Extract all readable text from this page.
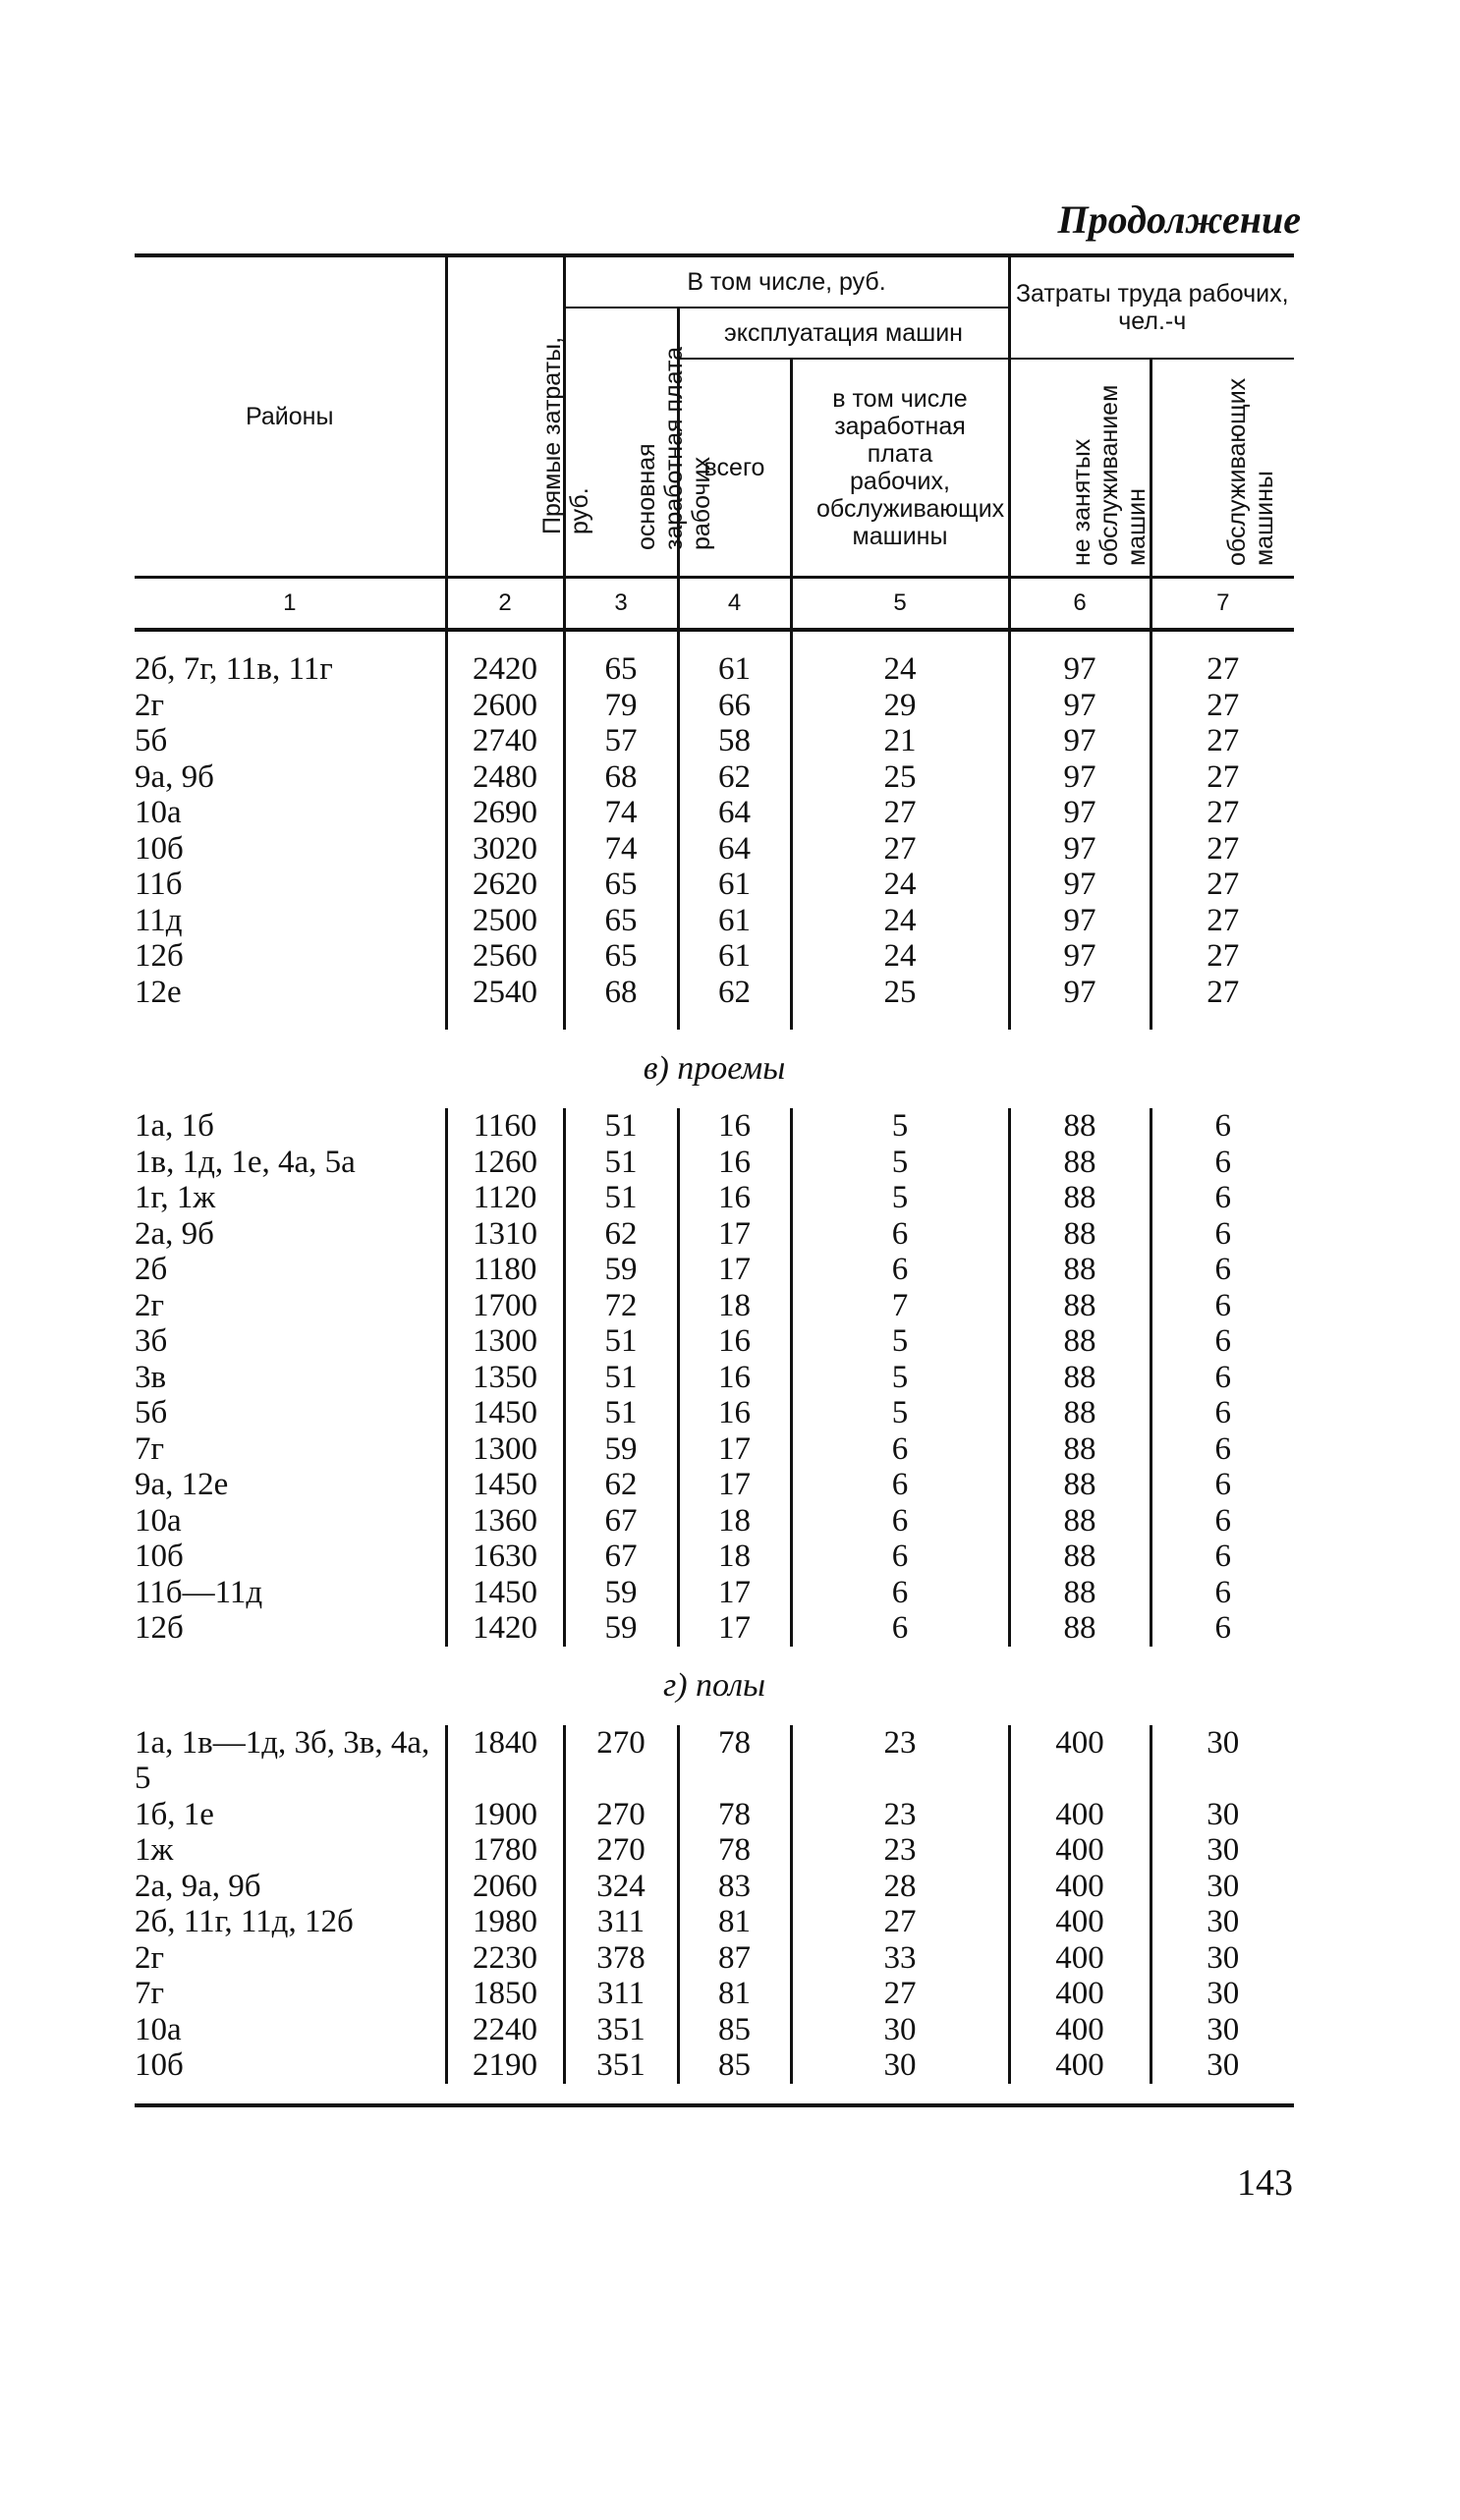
Продолжение
Районы	Прямые затраты, руб.	В том числе, руб.			Затраты труда рабочих, чел.-ч	
		основная заработная плата рабочих	эксплуатация машин			
			всего	в том числе заработная плата рабочих, обслуживающих машины	не занятых обслуживанием машин	обслуживающих машины
1	2	3	4	5	6	7

2б, 7г, 11в, 11г	2420	65	61	24	97	27
2г	2600	79	66	29	97	27
5б	2740	57	58	21	97	27
9а, 9б	2480	68	62	25	97	27
10а	2690	74	64	27	97	27
10б	3020	74	64	27	97	27
11б	2620	65	61	24	97	27
11д	2500	65	61	24	97	27
12б	2560	65	61	24	97	27
12е	2540	68	62	25	97	27

в) проемы						
1а, 1б	1160	51	16	5	88	6
1в, 1д, 1е, 4а, 5а	1260	51	16	5	88	6
1г, 1ж	1120	51	16	5	88	6
2а, 9б	1310	62	17	6	88	6
2б	1180	59	17	6	88	6
2г	1700	72	18	7	88	6
3б	1300	51	16	5	88	6
3в	1350	51	16	5	88	6
5б	1450	51	16	5	88	6
7г	1300	59	17	6	88	6
9а, 12е	1450	62	17	6	88	6
10а	1360	67	18	6	88	6
10б	1630	67	18	6	88	6
11б—11д	1450	59	17	6	88	6
12б	1420	59	17	6	88	6
г) полы						
1а, 1в—1д, 3б, 3в, 4а, 5	1840	270	78	23	400	30
1б, 1е	1900	270	78	23	400	30
1ж	1780	270	78	23	400	30
2а, 9а, 9б	2060	324	83	28	400	30
2б, 11г, 11д, 12б	1980	311	81	27	400	30
2г	2230	378	87	33	400	30
7г	1850	311	81	27	400	30
10а	2240	351	85	30	400	30
10б	2190	351	85	30	400	30

143
